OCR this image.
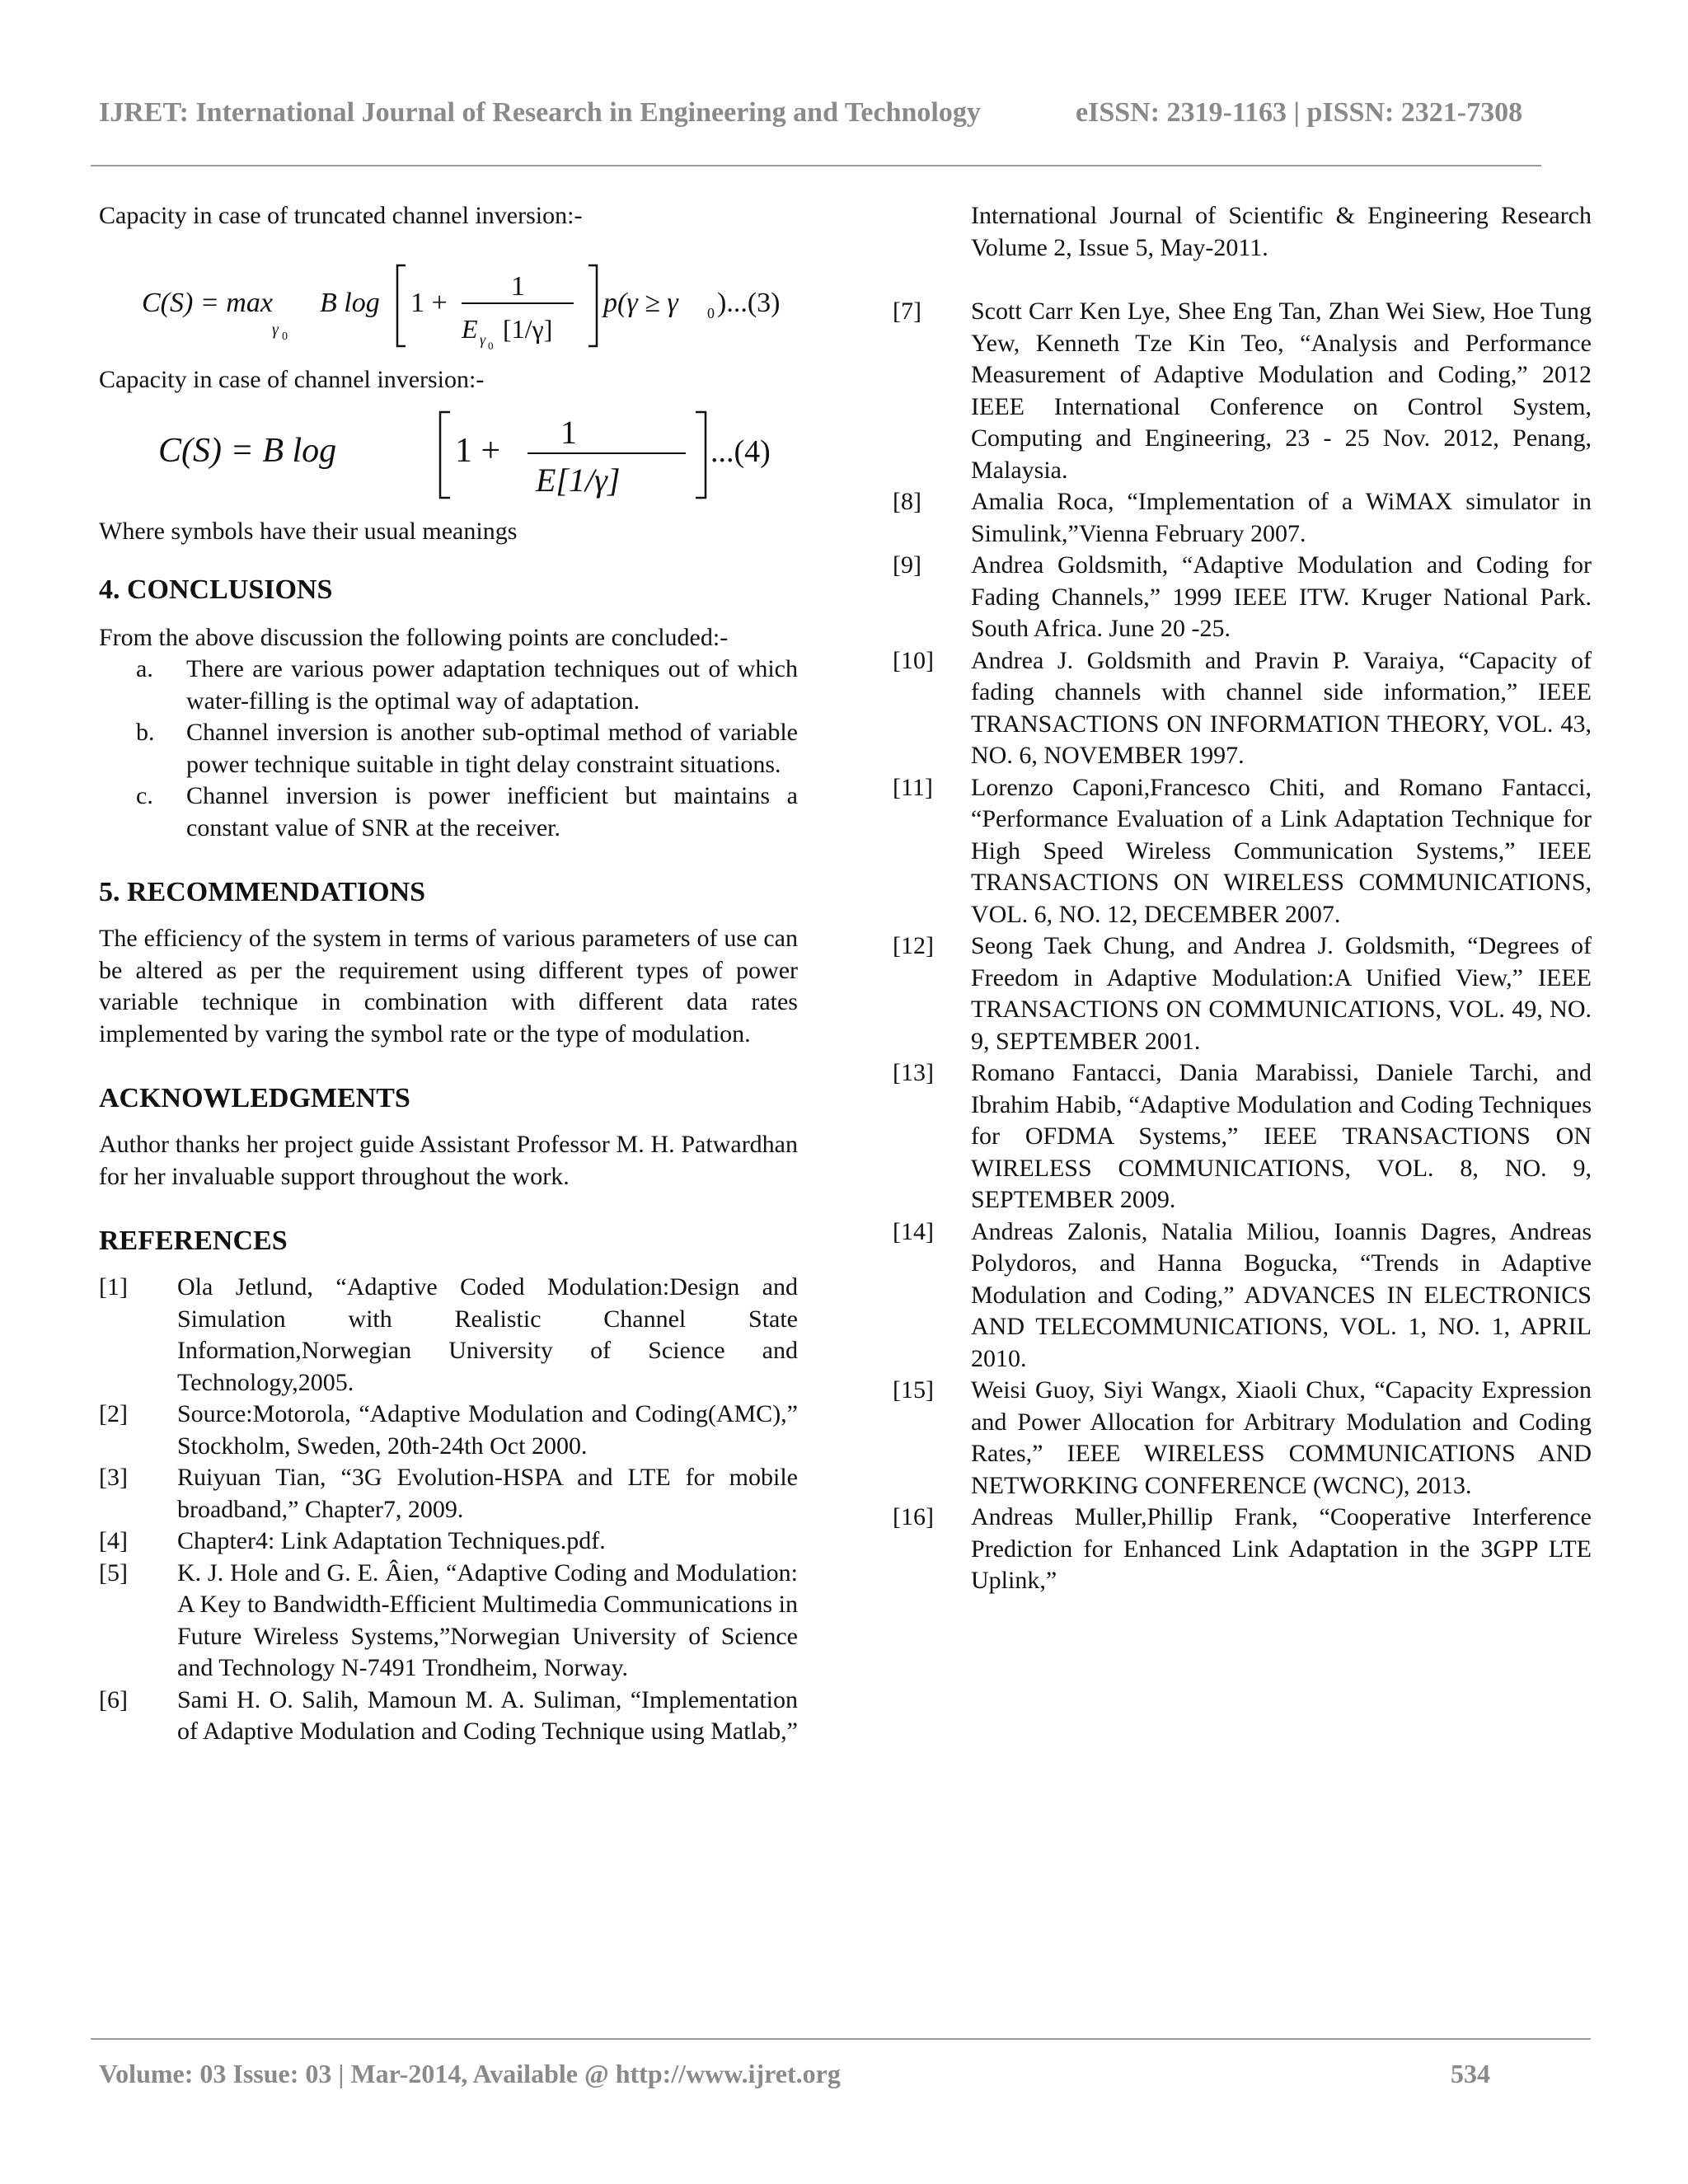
IJRET: International Journal of Research in Engineering and Technology	eISSN: 2319-1163 | pISSN: 2321-7308

Capacity in case of truncated channel inversion:-

C(S) = max
γ 0
B log 1 +
1
E γ 0
[1/γ]
p(γ ≥ γ 0 )...(3)

Capacity in case of channel inversion:-

C(S) = B log	1 + 1
E[1/γ]
...(4)

Where symbols have their usual meanings

4. CONCLUSIONS

From the above discussion the following points are concluded:-

a. There are various power adaptation techniques out of which water-filling is the optimal way of adaptation.
b. Channel inversion is another sub-optimal method of variable power technique suitable in tight delay constraint situations.
c. Channel inversion is power inefficient but maintains a constant value of SNR at the receiver.
5. RECOMMENDATIONS

The efficiency of the system in terms of various parameters of use can be altered as per the requirement using different types of power variable technique in combination with different data rates implemented by varing the symbol rate or the type of modulation.

ACKNOWLEDGMENTS

Author thanks her project guide Assistant Professor M. H. Patwardhan for her invaluable support throughout the work.

REFERENCES
[1] Ola Jetlund, “Adaptive Coded Modulation:Design and Simulation with Realistic Channel State Information,Norwegian University of Science and Technology,2005.
[2] Source:Motorola, “Adaptive Modulation and Coding(AMC),” Stockholm, Sweden, 20th-24th Oct 2000.
[3] Ruiyuan Tian, “3G Evolution-HSPA and LTE for mobile broadband,” Chapter7, 2009.
[4] Chapter4: Link Adaptation Techniques.pdf.
[5] K. J. Hole and G. E. Âien, “Adaptive Coding and Modulation: A Key to Bandwidth-Efficient Multimedia Communications in Future Wireless Systems,”Norwegian University of Science and Technology N-7491 Trondheim, Norway.
[6] Sami H. O. Salih, Mamoun M. A. Suliman, “Implementation of Adaptive Modulation and Coding Technique using Matlab,”
International Journal of Scientific & Engineering Research Volume 2, Issue 5, May-2011.
[7] Scott Carr Ken Lye, Shee Eng Tan, Zhan Wei Siew, Hoe Tung Yew, Kenneth Tze Kin Teo, “Analysis and Performance Measurement of Adaptive Modulation and Coding,” 2012 IEEE International Conference on Control System, Computing and Engineering, 23 - 25 Nov. 2012, Penang, Malaysia.
[8] Amalia Roca, “Implementation of a WiMAX simulator in Simulink,”Vienna February 2007.
[9] Andrea Goldsmith, “Adaptive Modulation and Coding for Fading Channels,” 1999 IEEE ITW. Kruger National Park. South Africa. June 20 -25.
[10] Andrea J. Goldsmith and Pravin P. Varaiya, “Capacity of fading channels with channel side information,” IEEE TRANSACTIONS ON INFORMATION THEORY, VOL. 43, NO. 6, NOVEMBER 1997.
[11] Lorenzo Caponi,Francesco Chiti, and Romano Fantacci, “Performance Evaluation of a Link Adaptation Technique for High Speed Wireless Communication Systems,” IEEE TRANSACTIONS ON WIRELESS COMMUNICATIONS, VOL. 6, NO. 12, DECEMBER 2007.
[12] Seong Taek Chung, and Andrea J. Goldsmith, “Degrees of Freedom in Adaptive Modulation:A Unified View,” IEEE TRANSACTIONS ON COMMUNICATIONS, VOL. 49, NO. 9, SEPTEMBER 2001.
[13] Romano Fantacci, Dania Marabissi, Daniele Tarchi, and Ibrahim Habib, “Adaptive Modulation and Coding Techniques for OFDMA Systems,” IEEE TRANSACTIONS ON WIRELESS COMMUNICATIONS, VOL. 8, NO. 9, SEPTEMBER 2009.
[14] Andreas Zalonis, Natalia Miliou, Ioannis Dagres, Andreas Polydoros, and Hanna Bogucka, “Trends in Adaptive Modulation and Coding,” ADVANCES IN ELECTRONICS AND TELECOMMUNICATIONS, VOL. 1, NO. 1, APRIL 2010.
[15] Weisi Guoy, Siyi Wangx, Xiaoli Chux, “Capacity Expression and Power Allocation for Arbitrary Modulation and Coding Rates,” IEEE WIRELESS COMMUNICATIONS AND NETWORKING CONFERENCE (WCNC), 2013.
[16] Andreas Muller,Phillip Frank, “Cooperative Interference Prediction for Enhanced Link Adaptation in the 3GPP LTE Uplink,”
Volume: 03 Issue: 03 | Mar-2014, Available @ http://www.ijret.org	534
